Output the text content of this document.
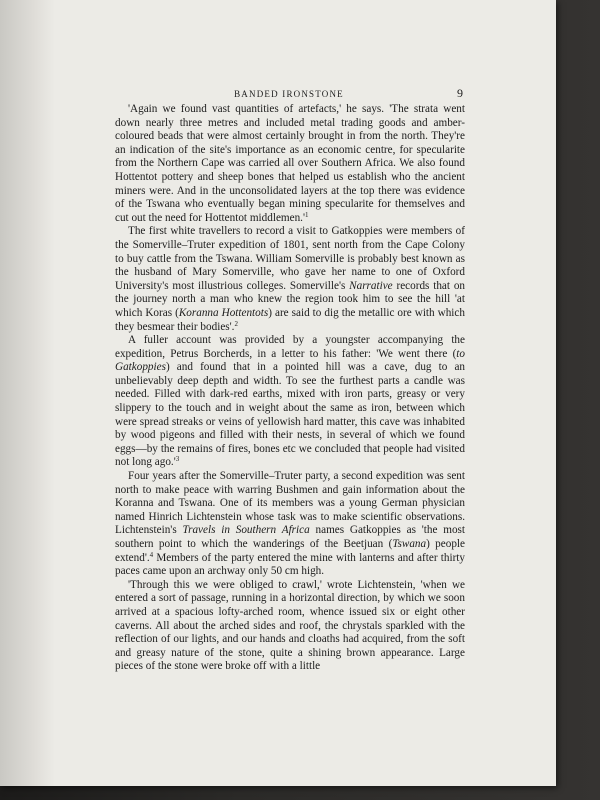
BANDED IRONSTONE	9

'Again we found vast quantities of artefacts,' he says. 'The strata went down nearly three metres and included metal trading goods and amber-coloured beads that were almost certainly brought in from the north. They're an indication of the site's importance as an economic centre, for specularite from the Northern Cape was carried all over Southern Africa. We also found Hottentot pottery and sheep bones that helped us establish who the ancient miners were. And in the unconsolidated layers at the top there was evidence of the Tswana who eventually began mining specularite for themselves and cut out the need for Hottentot $middlemen.'^1$

The first white travellers to record a visit to Gatkoppies were members of the Somerville–Truter expedition of 1801, sent north from the Cape Colony to buy cattle from the Tswana. William Somerville is probably best known as the husband of Mary Somerville, who gave her name to one of Oxford University's most illustrious colleges. Somerville's Narrative records that on the journey north a man who knew the region took him to see the hill 'at which Koras (Koranna Hottentots) are said to dig the metallic ore with which they besmear their bodies'.$^2$

A fuller account was provided by a youngster accompanying the expedition, Petrus Borcherds, in a letter to his father: 'We went there (to Gatkoppies) and found that in a pointed hill was a cave, dug to an unbelievably deep depth and width. To see the furthest parts a candle was needed. Filled with dark-red earths, mixed with iron parts, greasy or very slippery to the touch and in weight about the same as iron, between which were spread streaks or veins of yellowish hard matter, this cave was inhabited by wood pigeons and filled with their nests, in several of which we found eggs—by the remains of fires, bones etc we concluded that people had visited not long $ago.'^3$

Four years after the Somerville–Truter party, a second expedition was sent north to make peace with warring Bushmen and gain information about the Koranna and Tswana. One of its members was a young German physician named Hinrich Lichtenstein whose task was to make scientific observations. Lichtenstein's Travels in Southern Africa names Gatkoppies as 'the most southern point to which the wanderings of the Beetjuan (Tswana) people extend'.$^4$ Members of the party entered the mine with lanterns and after thirty paces came upon an archway only 50 cm high.

'Through this we were obliged to crawl,' wrote Lichtenstein, 'when we entered a sort of passage, running in a horizontal direction, by which we soon arrived at a spacious lofty-arched room, whence issued six or eight other caverns. All about the arched sides and roof, the chrystals sparkled with the reflection of our lights, and our hands and cloaths had acquired, from the soft and greasy nature of the stone, quite a shining brown appearance. Large pieces of the stone were broke off with a little
